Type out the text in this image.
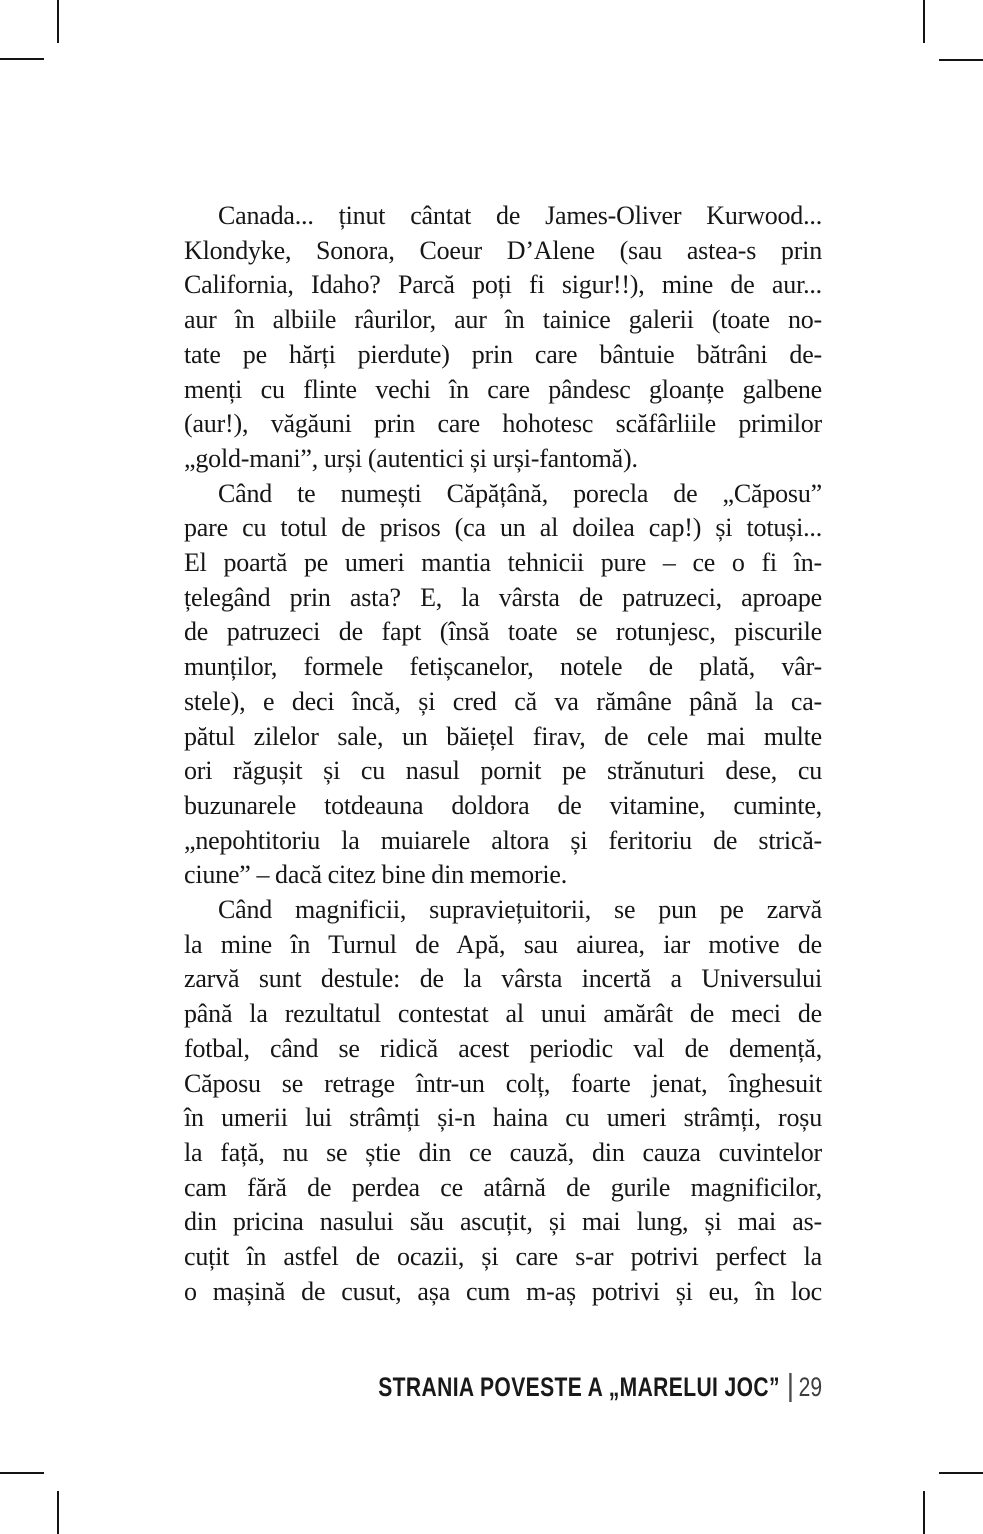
Canada... ținut cântat de James-Oliver Kurwood...
Klondyke, Sonora, Coeur D’Alene (sau astea-s prin
California, Idaho? Parcă poți fi sigur!!), mine de aur...
aur în albiile râurilor, aur în tainice galerii (toate no-
tate pe hărți pierdute) prin care bântuie bătrâni de-
menți cu flinte vechi în care pândesc gloanțe galbene
(aur!), văgăuni prin care hohotesc scăfârliile primilor
„gold-mani”, urși (autentici și urși-fantomă).
Când te numești Căpățână, porecla de „Căposu”
pare cu totul de prisos (ca un al doilea cap!) și totuși...
El poartă pe umeri mantia tehnicii pure – ce o fi în-
țelegând prin asta? E, la vârsta de patruzeci, aproape
de patruzeci de fapt (însă toate se rotunjesc, piscurile
munților, formele fetișcanelor, notele de plată, vâr-
stele), e deci încă, și cred că va rămâne până la ca-
pătul zilelor sale, un băiețel firav, de cele mai multe
ori răgușit și cu nasul pornit pe strănuturi dese, cu
buzunarele totdeauna doldora de vitamine, cuminte,
„nepohtitoriu la muiarele altora și feritoriu de strică-
ciune” – dacă citez bine din memorie.
Când magnificii, supraviețuitorii, se pun pe zarvă
la mine în Turnul de Apă, sau aiurea, iar motive de
zarvă sunt destule: de la vârsta incertă a Universului
până la rezultatul contestat al unui amărât de meci de
fotbal, când se ridică acest periodic val de demență,
Căposu se retrage într-un colț, foarte jenat, înghesuit
în umerii lui strâmți și-n haina cu umeri strâmți, roșu
la față, nu se știe din ce cauză, din cauza cuvintelor
cam fără de perdea ce atârnă de gurile magnificilor,
din pricina nasului său ascuțit, și mai lung, și mai as-
cuțit în astfel de ocazii, și care s-ar potrivi perfect la
o mașină de cusut, așa cum m-aș potrivi și eu, în loc
STRANIA POVESTE A „MARELUI JOC” 29
